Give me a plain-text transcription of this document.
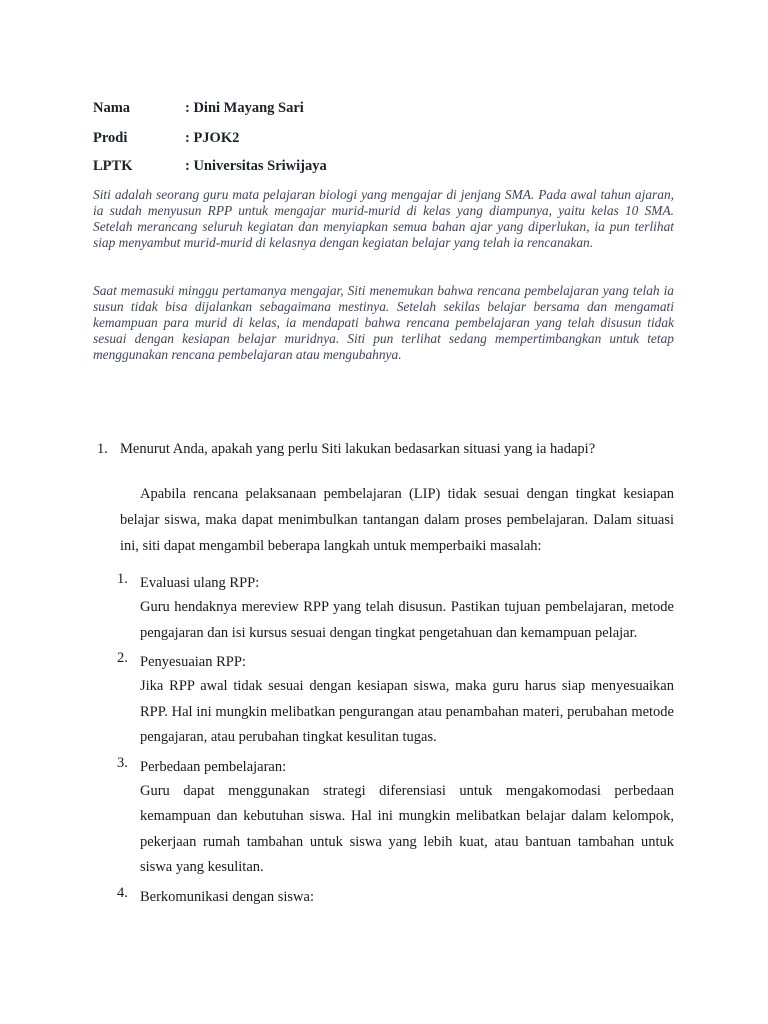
Nama	: Dini Mayang Sari
Prodi	: PJOK2
LPTK	: Universitas Sriwijaya

Siti adalah seorang guru mata pelajaran biologi yang mengajar di jenjang SMA. Pada awal tahun ajaran, ia sudah menyusun RPP untuk mengajar murid-murid di kelas yang diampunya, yaitu kelas 10 SMA. Setelah merancang seluruh kegiatan dan menyiapkan semua bahan ajar yang diperlukan, ia pun terlihat siap menyambut murid-murid di kelasnya dengan kegiatan belajar yang telah ia rencanakan.

Saat memasuki minggu pertamanya mengajar, Siti menemukan bahwa rencana pembelajaran yang telah ia susun tidak bisa dijalankan sebagaimana mestinya. Setelah sekilas belajar bersama dan mengamati kemampuan para murid di kelas, ia mendapati bahwa rencana pembelajaran yang telah disusun tidak sesuai dengan kesiapan belajar muridnya. Siti pun terlihat sedang mempertimbangkan untuk tetap menggunakan rencana pembelajaran atau mengubahnya.

1. Menurut Anda, apakah yang perlu Siti lakukan bedasarkan situasi yang ia hadapi?

Apabila rencana pelaksanaan pembelajaran (LIP) tidak sesuai dengan tingkat kesiapan belajar siswa, maka dapat menimbulkan tantangan dalam proses pembelajaran. Dalam situasi ini, siti dapat mengambil beberapa langkah untuk memperbaiki masalah:

1. Evaluasi ulang RPP:

Guru hendaknya mereview RPP yang telah disusun. Pastikan tujuan pembelajaran, metode pengajaran dan isi kursus sesuai dengan tingkat pengetahuan dan kemampuan pelajar.

2. Penyesuaian RPP:

Jika RPP awal tidak sesuai dengan kesiapan siswa, maka guru harus siap menyesuaikan RPP. Hal ini mungkin melibatkan pengurangan atau penambahan materi, perubahan metode pengajaran, atau perubahan tingkat kesulitan tugas.

3. Perbedaan pembelajaran:

Guru dapat menggunakan strategi diferensiasi untuk mengakomodasi perbedaan kemampuan dan kebutuhan siswa. Hal ini mungkin melibatkan belajar dalam kelompok, pekerjaan rumah tambahan untuk siswa yang lebih kuat, atau bantuan tambahan untuk siswa yang kesulitan.

4. Berkomunikasi dengan siswa:
